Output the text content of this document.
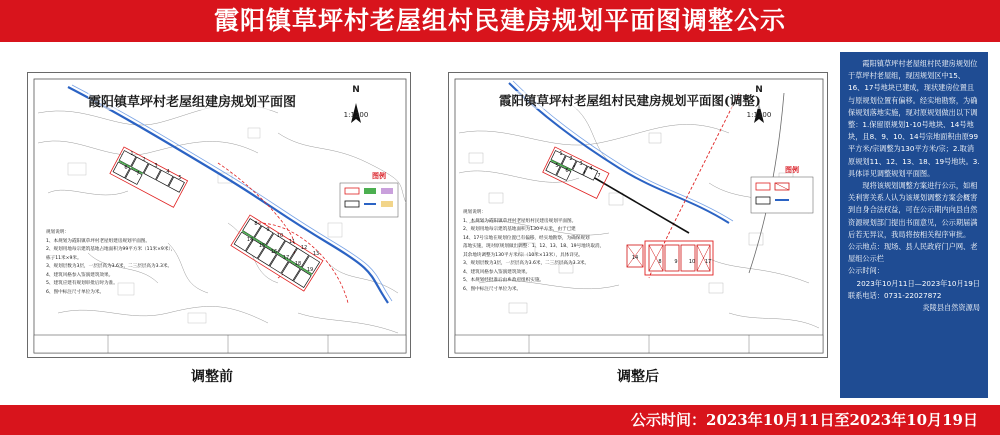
霞阳镇草坪村老屋组村民建房规划平面图调整公示
1
2
3
4
5
6
7
8
9
10
11
12
13
14
15
16
17
18
19
霞阳镇草坪村老屋组建房规划平面图
N
1:1200
图例
规划说明：
1、本规划为霞阳镇草坪村老屋组建房规划平面图。
2、规划用地每宗建筑基地占地面积为99平方米（11米×9米），
栋子11米×9米。
3、规划层数为3层，一层层高为3.6米，二三层层高为3.3米。
4、建筑风格参入鉴演建筑效果。
5、建筑应建有规划审批后时为准。
6、图中标注尺寸单位为米。
1
2
3
4
5
6
7
8	9 10
14
17
霞阳镇草坪村老屋组村民建房规划平面图(调整)
N
1:1200
图例
规划说明：
1、本规划为霞阳镇草坪村老屋组村民建房规划平面图。
2、规划用地每宗建筑基地面积为130平方米，由于已建
14、17号宗地在规划位置已有偏移，经实地勘察，为确保规划
落地实施，现对原规划做出调整：1、12、13、18、19号地块取消，
其余地块调整为130平方米/宗（10米×13米），具体详见。
3、规划层数为3层，一层层高为3.6米，二三层层高为3.3米。
4、建筑风格参入鉴演建筑效果。
5、本规划经批准后由乡政府组织实施。
6、图中标注尺寸单位为米。
调整前	调整后

霞阳镇草坪村老屋组村民建房规划位于草坪村老屋组，现因规划区中15、16、17号地块已建成，现状建房位置且与原规划位置有偏移。经实地勘察，为确保规划落地实施，现对原规划做出以下调整：1.保留原规划1-10号地块、14号地块，且8、9、10、14号宗地面积由原99平方米/宗调整为130平方米/宗；2.取消原规划11、12、13、18、19号地块。3.具体详见调整规划平面图。

现将该规划调整方案进行公示，如相关利害关系人认为该规划调整方案会概害到自身合法权益，可在公示期内向县自然资源规划部门提出书面意见，公示期届满后若无异议，我局将按相关程序审批。

公示地点：现场、县人民政府门户网、老屋组公示栏

公示时间：

2023年10月11日—2023年10月19日

联系电话：0731-22027872

炎陵县自然资源局

公示时间：2023年10月11日至2023年10月19日
